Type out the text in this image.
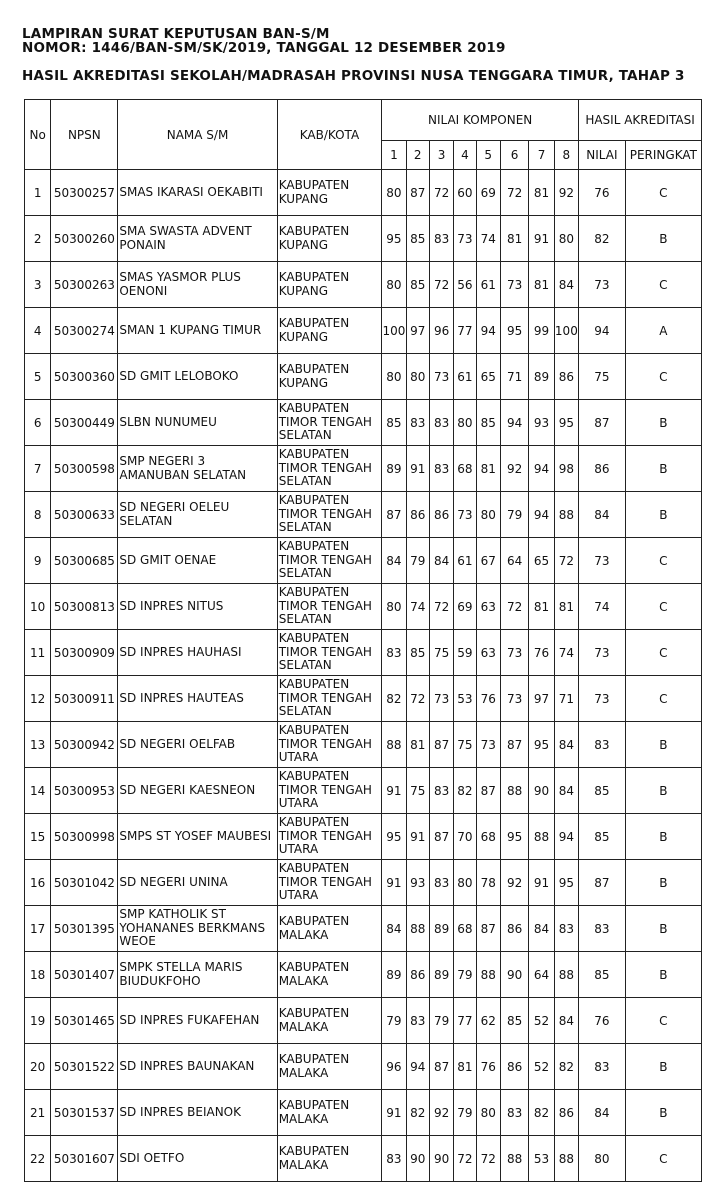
LAMPIRAN SURAT KEPUTUSAN BAN-S/M
NOMOR: 1446/BAN-SM/SK/2019, TANGGAL 12 DESEMBER 2019
HASIL AKREDITASI SEKOLAH/MADRASAH PROVINSI NUSA TENGGARA TIMUR, TAHAP 3
No	NPSN	NAMA S/M	KAB/KOTA	NILAI KOMPONEN								HASIL AKREDITASI	
				1	2	3	4	5	6	7	8	NILAI	PERINGKAT
1	50300257	SMAS IKARASI OEKABITI	KABUPATEN KUPANG	80	87	72	60	69	72	81	92	76	C
2	50300260	SMA SWASTA ADVENT PONAIN	KABUPATEN KUPANG	95	85	83	73	74	81	91	80	82	B
3	50300263	SMAS YASMOR PLUS OENONI	KABUPATEN KUPANG	80	85	72	56	61	73	81	84	73	C
4	50300274	SMAN 1 KUPANG TIMUR	KABUPATEN KUPANG	100	97	96	77	94	95	99	100	94	A
5	50300360	SD GMIT LELOBOKO	KABUPATEN KUPANG	80	80	73	61	65	71	89	86	75	C
6	50300449	SLBN NUNUMEU	KABUPATEN TIMOR TENGAH SELATAN	85	83	83	80	85	94	93	95	87	B
7	50300598	SMP NEGERI 3 AMANUBAN SELATAN	KABUPATEN TIMOR TENGAH SELATAN	89	91	83	68	81	92	94	98	86	B
8	50300633	SD NEGERI OELEU SELATAN	KABUPATEN TIMOR TENGAH SELATAN	87	86	86	73	80	79	94	88	84	B
9	50300685	SD GMIT OENAE	KABUPATEN TIMOR TENGAH SELATAN	84	79	84	61	67	64	65	72	73	C
10	50300813	SD INPRES NITUS	KABUPATEN TIMOR TENGAH SELATAN	80	74	72	69	63	72	81	81	74	C
11	50300909	SD INPRES HAUHASI	KABUPATEN TIMOR TENGAH SELATAN	83	85	75	59	63	73	76	74	73	C
12	50300911	SD INPRES HAUTEAS	KABUPATEN TIMOR TENGAH SELATAN	82	72	73	53	76	73	97	71	73	C
13	50300942	SD NEGERI OELFAB	KABUPATEN TIMOR TENGAH UTARA	88	81	87	75	73	87	95	84	83	B
14	50300953	SD NEGERI KAESNEON	KABUPATEN TIMOR TENGAH UTARA	91	75	83	82	87	88	90	84	85	B
15	50300998	SMPS ST YOSEF MAUBESI	KABUPATEN TIMOR TENGAH UTARA	95	91	87	70	68	95	88	94	85	B
16	50301042	SD NEGERI UNINA	KABUPATEN TIMOR TENGAH UTARA	91	93	83	80	78	92	91	95	87	B
17	50301395	SMP KATHOLIK ST YOHANANES BERKMANS WEOE	KABUPATEN MALAKA	84	88	89	68	87	86	84	83	83	B
18	50301407	SMPK STELLA MARIS BIUDUKFOHO	KABUPATEN MALAKA	89	86	89	79	88	90	64	88	85	B
19	50301465	SD INPRES FUKAFEHAN	KABUPATEN MALAKA	79	83	79	77	62	85	52	84	76	C
20	50301522	SD INPRES BAUNAKAN	KABUPATEN MALAKA	96	94	87	81	76	86	52	82	83	B
21	50301537	SD INPRES BEIANOK	KABUPATEN MALAKA	91	82	92	79	80	83	82	86	84	B
22	50301607	SDI OETFO	KABUPATEN MALAKA	83	90	90	72	72	88	53	88	80	C
